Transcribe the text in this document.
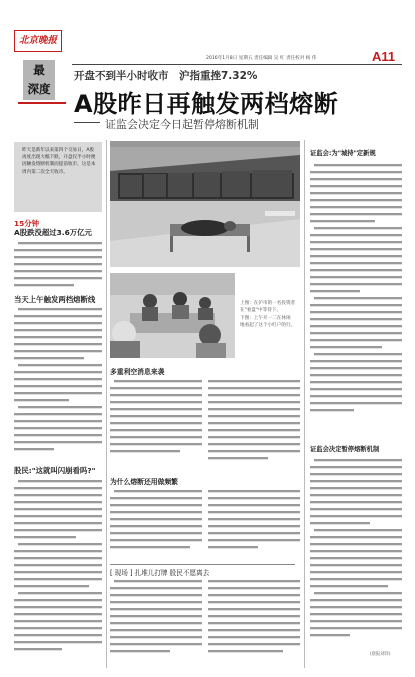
北京晚报
2016年1月8日 星期五 责任编辑 吴 红 责任校对 杨 伟	A11
最
深度
开盘不到半小时收市　沪指重挫7.32%
A股昨日再触发两档熔断
证监会决定今日起暂停熔断机制
昨天是新年以来第四个交易日，A股再度出现大幅下跌，开盘仅半小时便因触发熔断机制而提前收市，这是本周内第二次全天收市。
15分钟
A股跌没超过3.6万亿元
当天上午触发两档熔断线
股民:"这就叫闪崩看吗?"
上图：在沪市的一名投资者
在"看盘"中等待下。
下图：上午开一二在休闲
地看起了这个小红户的行。
多重利空消息来袭
为什么熔断还用做频繁
[ 现场 ] 扎堆儿打牌 股民不愿离去
证监会:为"城持"定新规
证监会决定暂停熔断机制
(晨报刘洋)
